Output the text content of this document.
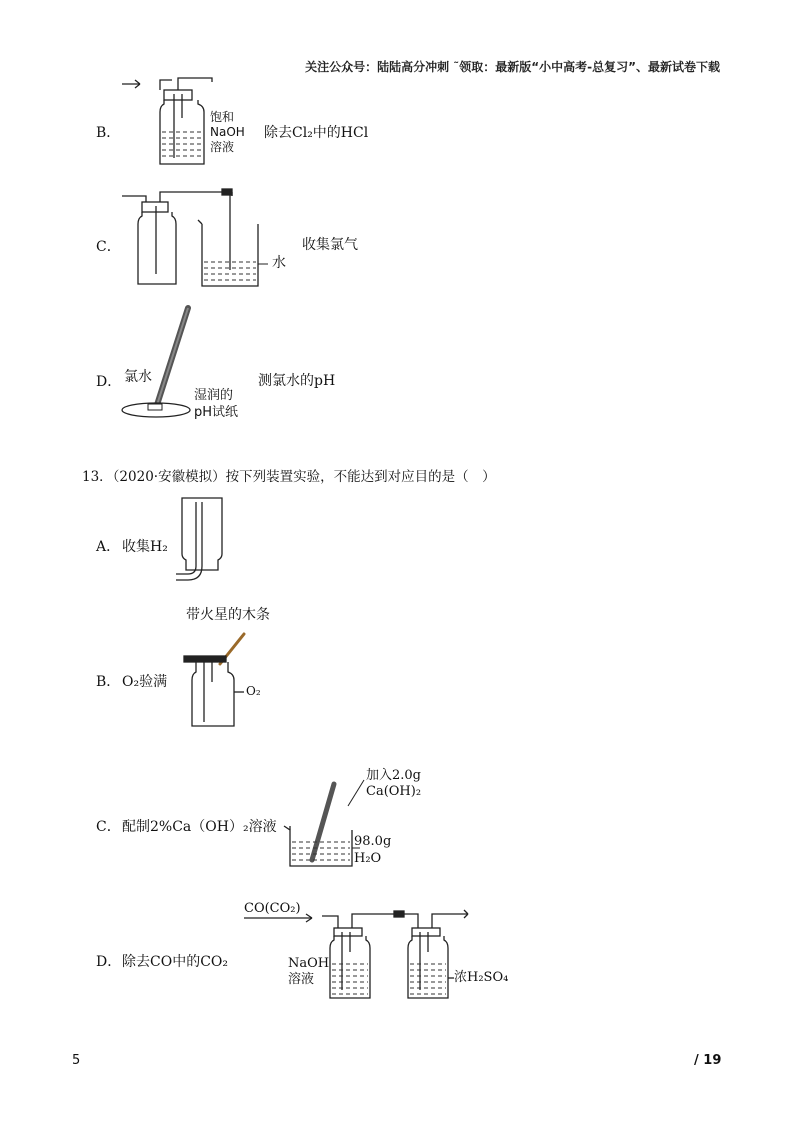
关注公众号：陆陆高分冲刺 ˜领取：最新版“小中高考-总复习”、最新试卷下载
B．	除去Cl₂中的HCl
饱和
NaOH
溶液
C．	收集氯气
水
D．	测氯水的pH
氯水
湿润的
pH试纸
13．（2020·安徽模拟）按下列装置实验，不能达到对应目的是（　）
A． 收集H₂
带火星的木条
B． O₂验满
O₂
加入2.0g
Ca(OH)₂
C． 配制2%Ca（OH）₂溶液
98.0g
H₂O
CO(CO₂)
D． 除去CO中的CO₂	NaOH
溶液	浓H₂SO₄
5	/ 19
